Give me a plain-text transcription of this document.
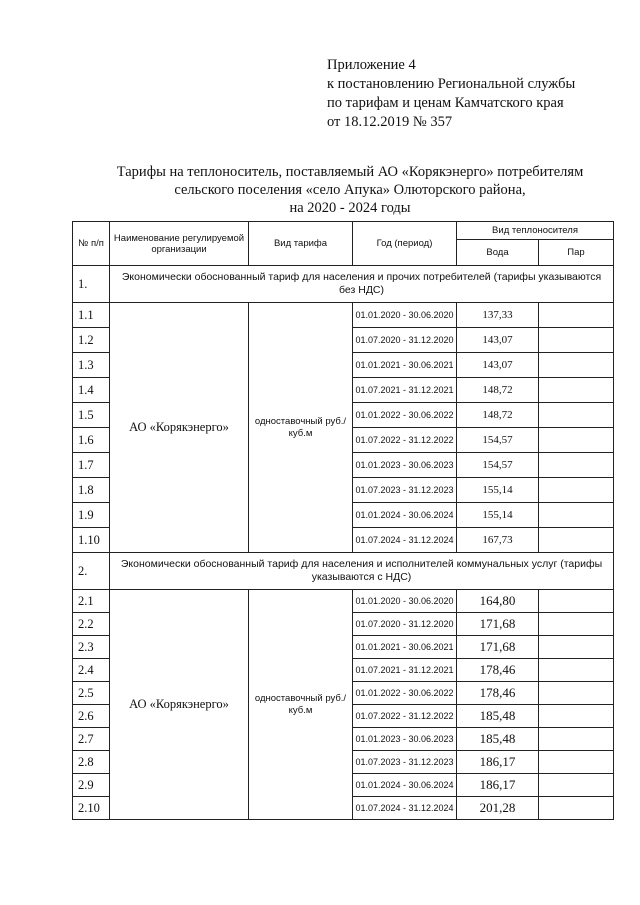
Приложение 4
к постановлению Региональной службы
по тарифам и ценам Камчатского края
от 18.12.2019 № 357
Тарифы на теплоноситель, поставляемый АО «Корякэнерго» потребителям
сельского поселения «село Апука» Олюторского района,
на 2020 - 2024 годы
№ п/п	Наименование регулируемой организации	Вид тарифа	Год (период)	Вид теплоносителя	
				Вода	Пар
1.	Экономически обоснованный тариф для населения и прочих потребителей (тарифы указываются без НДС)				
1.1	АО «Корякэнерго»	одноставочный руб./куб.м	01.01.2020 - 30.06.2020	137,33	
1.2			01.07.2020 - 31.12.2020	143,07	
1.3			01.01.2021 - 30.06.2021	143,07	
1.4			01.07.2021 - 31.12.2021	148,72	
1.5			01.01.2022 - 30.06.2022	148,72	
1.6			01.07.2022 - 31.12.2022	154,57	
1.7			01.01.2023 - 30.06.2023	154,57	
1.8			01.07.2023 - 31.12.2023	155,14	
1.9			01.01.2024 - 30.06.2024	155,14	
1.10			01.07.2024 - 31.12.2024	167,73	
2.	Экономически обоснованный тариф для населения и исполнителей коммунальных услуг (тарифы указываются с НДС)				
2.1	АО «Корякэнерго»	одноставочный руб./куб.м	01.01.2020 - 30.06.2020	164,80	
2.2			01.07.2020 - 31.12.2020	171,68	
2.3			01.01.2021 - 30.06.2021	171,68	
2.4			01.07.2021 - 31.12.2021	178,46	
2.5			01.01.2022 - 30.06.2022	178,46	
2.6			01.07.2022 - 31.12.2022	185,48	
2.7			01.01.2023 - 30.06.2023	185,48	
2.8			01.07.2023 - 31.12.2023	186,17	
2.9			01.01.2024 - 30.06.2024	186,17	
2.10			01.07.2024 - 31.12.2024	201,28	
